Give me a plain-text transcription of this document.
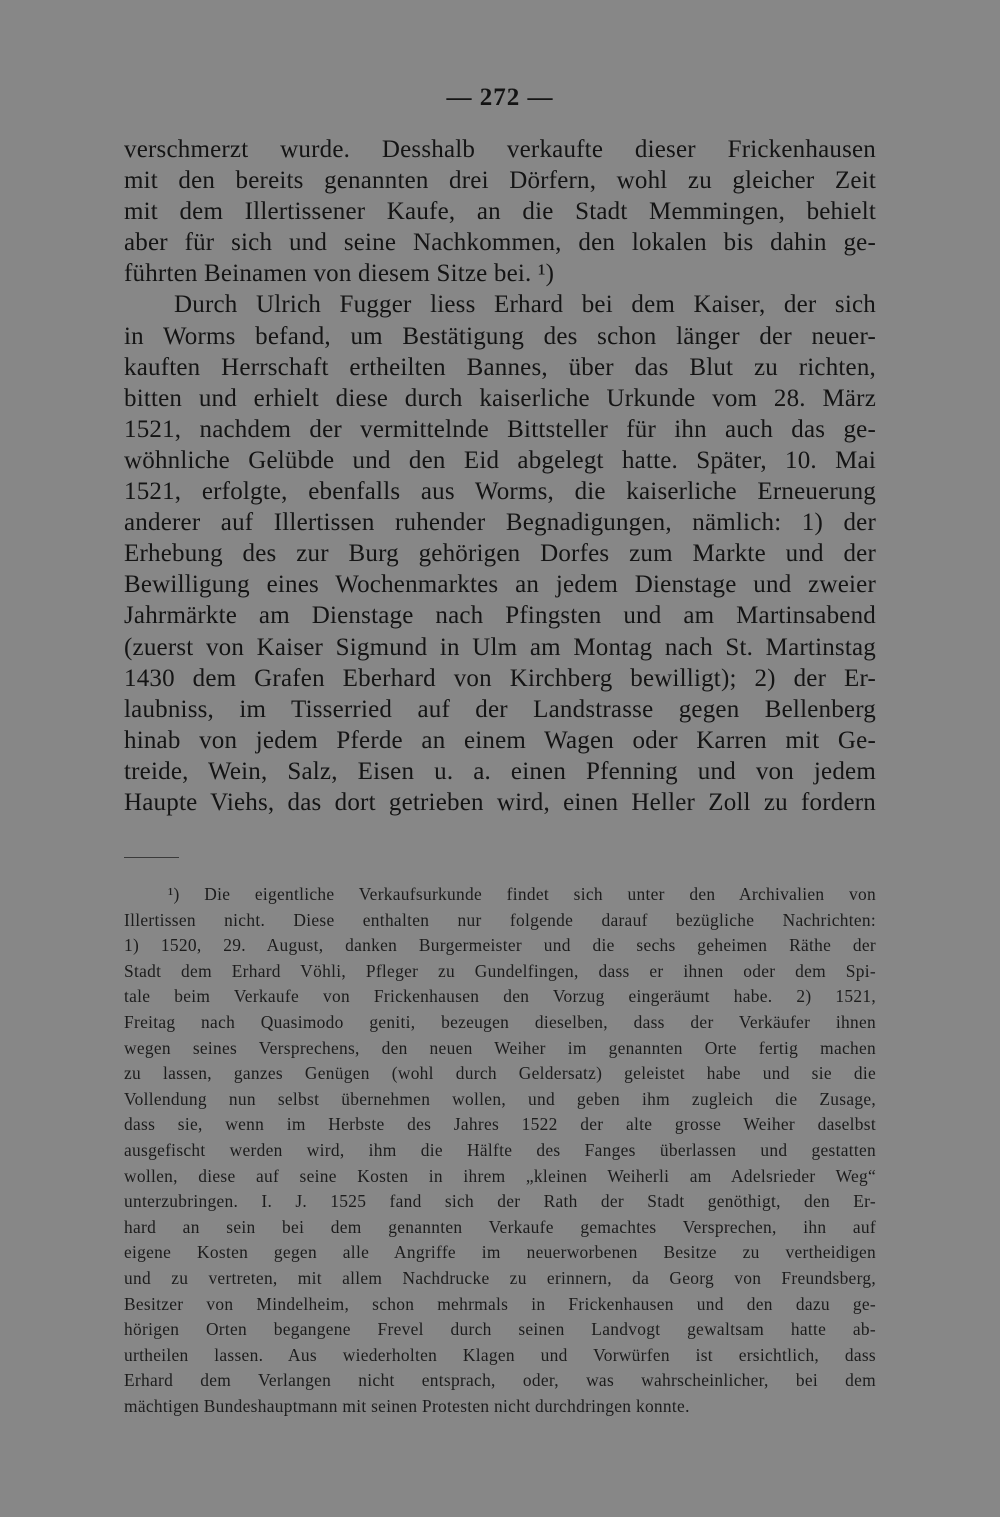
— 272 —
verschmerzt wurde. Desshalb verkaufte dieser Frickenhausen
mit den bereits genannten drei Dörfern, wohl zu gleicher Zeit
mit dem Illertissener Kaufe, an die Stadt Memmingen, behielt
aber für sich und seine Nachkommen, den lokalen bis dahin ge-
führten Beinamen von diesem Sitze bei. ¹)
Durch Ulrich Fugger liess Erhard bei dem Kaiser, der sich
in Worms befand, um Bestätigung des schon länger der neuer-
kauften Herrschaft ertheilten Bannes, über das Blut zu richten,
bitten und erhielt diese durch kaiserliche Urkunde vom 28. März
1521, nachdem der vermittelnde Bittsteller für ihn auch das ge-
wöhnliche Gelübde und den Eid abgelegt hatte. Später, 10. Mai
1521, erfolgte, ebenfalls aus Worms, die kaiserliche Erneuerung
anderer auf Illertissen ruhender Begnadigungen, nämlich: 1) der
Erhebung des zur Burg gehörigen Dorfes zum Markte und der
Bewilligung eines Wochenmarktes an jedem Dienstage und zweier
Jahrmärkte am Dienstage nach Pfingsten und am Martinsabend
(zuerst von Kaiser Sigmund in Ulm am Montag nach St. Martinstag
1430 dem Grafen Eberhard von Kirchberg bewilligt); 2) der Er-
laubniss, im Tisserried auf der Landstrasse gegen Bellenberg
hinab von jedem Pferde an einem Wagen oder Karren mit Ge-
treide, Wein, Salz, Eisen u. a. einen Pfenning und von jedem
Haupte Viehs, das dort getrieben wird, einen Heller Zoll zu fordern
¹) Die eigentliche Verkaufsurkunde findet sich unter den Archivalien von
Illertissen nicht. Diese enthalten nur folgende darauf bezügliche Nachrichten:
1) 1520, 29. August, danken Burgermeister und die sechs geheimen Räthe der
Stadt dem Erhard Vöhli, Pfleger zu Gundelfingen, dass er ihnen oder dem Spi-
tale beim Verkaufe von Frickenhausen den Vorzug eingeräumt habe. 2) 1521,
Freitag nach Quasimodo geniti, bezeugen dieselben, dass der Verkäufer ihnen
wegen seines Versprechens, den neuen Weiher im genannten Orte fertig machen
zu lassen, ganzes Genügen (wohl durch Geldersatz) geleistet habe und sie die
Vollendung nun selbst übernehmen wollen, und geben ihm zugleich die Zusage,
dass sie, wenn im Herbste des Jahres 1522 der alte grosse Weiher daselbst
ausgefischt werden wird, ihm die Hälfte des Fanges überlassen und gestatten
wollen, diese auf seine Kosten in ihrem „kleinen Weiherli am Adelsrieder Weg“
unterzubringen. I. J. 1525 fand sich der Rath der Stadt genöthigt, den Er-
hard an sein bei dem genannten Verkaufe gemachtes Versprechen, ihn auf
eigene Kosten gegen alle Angriffe im neuerworbenen Besitze zu vertheidigen
und zu vertreten, mit allem Nachdrucke zu erinnern, da Georg von Freundsberg,
Besitzer von Mindelheim, schon mehrmals in Frickenhausen und den dazu ge-
hörigen Orten begangene Frevel durch seinen Landvogt gewaltsam hatte ab-
urtheilen lassen. Aus wiederholten Klagen und Vorwürfen ist ersichtlich, dass
Erhard dem Verlangen nicht entsprach, oder, was wahrscheinlicher, bei dem
mächtigen Bundeshauptmann mit seinen Protesten nicht durchdringen konnte.
